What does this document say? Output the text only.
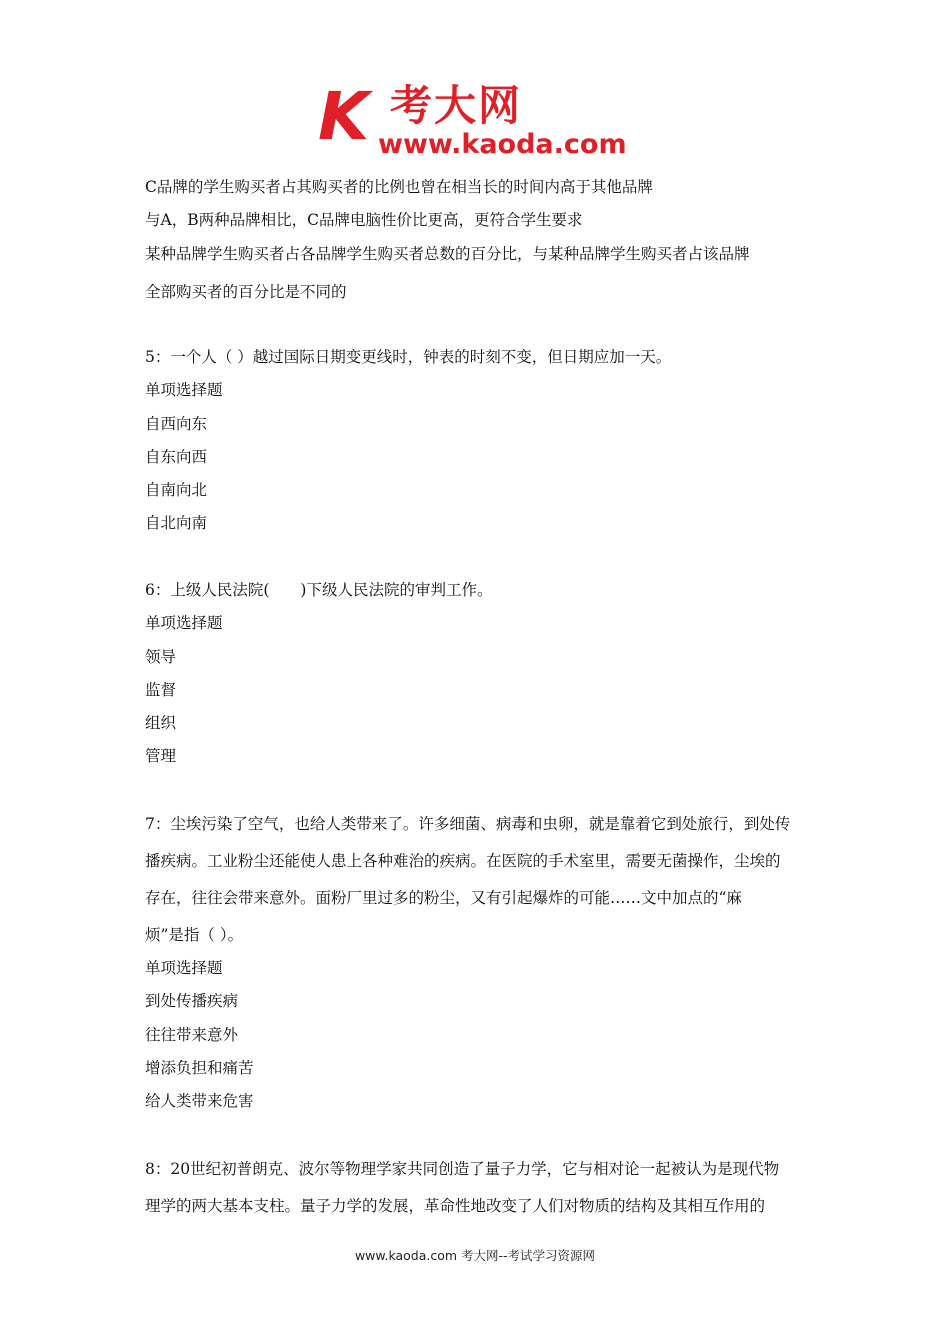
K 考大网
www.kaoda.com
C品牌的学生购买者占其购买者的比例也曾在相当长的时间内高于其他品牌
与A，B两种品牌相比，C品牌电脑性价比更高，更符合学生要求
某种品牌学生购买者占各品牌学生购买者总数的百分比，与某种品牌学生购买者占该品牌
全部购买者的百分比是不同的
5：一个人（ ）越过国际日期变更线时，钟表的时刻不变，但日期应加一天。
单项选择题
自西向东
自东向西
自南向北
自北向南
6：上级人民法院(　　)下级人民法院的审判工作。
单项选择题
领导
监督
组织
管理
7：尘埃污染了空气，也给人类带来了。许多细菌、病毒和虫卵，就是靠着它到处旅行，到处传
播疾病。工业粉尘还能使人患上各种难治的疾病。在医院的手术室里，需要无菌操作，尘埃的
存在，往往会带来意外。面粉厂里过多的粉尘，又有引起爆炸的可能……文中加点的“麻
烦”是指（ ）。
单项选择题
到处传播疾病
往往带来意外
增添负担和痛苦
给人类带来危害
8：20世纪初普朗克、波尔等物理学家共同创造了量子力学，它与相对论一起被认为是现代物
理学的两大基本支柱。量子力学的发展，革命性地改变了人们对物质的结构及其相互作用的
www.kaoda.com 考大网--考试学习资源网
